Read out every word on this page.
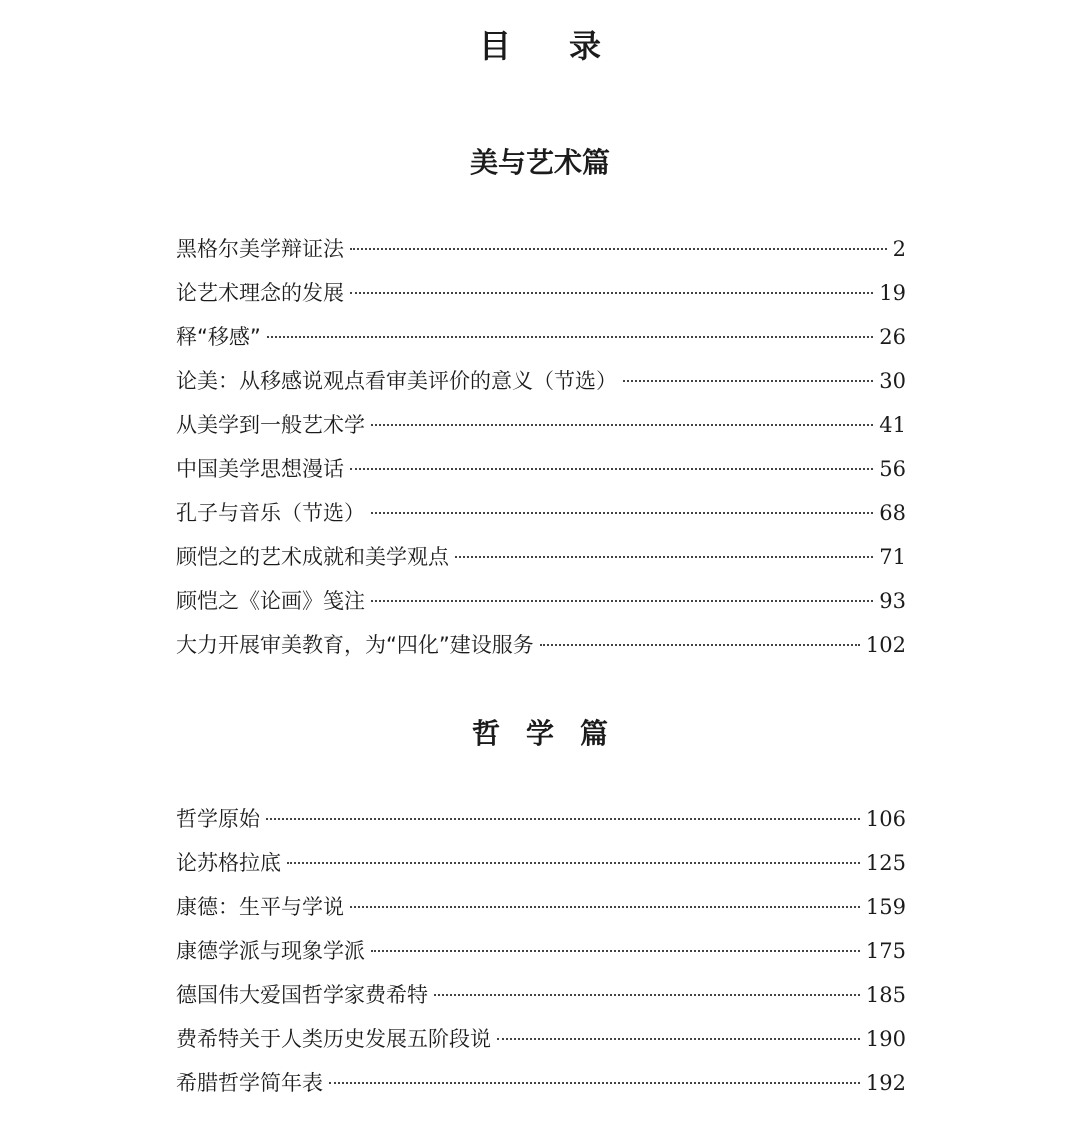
目录
美与艺术篇
黑格尔美学辩证法	2
论艺术理念的发展	19
释“移感”	26
论美：从移感说观点看审美评价的意义（节选）	30
从美学到一般艺术学	41
中国美学思想漫话	56
孔子与音乐（节选）	68
顾恺之的艺术成就和美学观点	71
顾恺之《论画》笺注	93
大力开展审美教育，为“四化”建设服务	102
哲学篇
哲学原始	106
论苏格拉底	125
康德：生平与学说	159
康德学派与现象学派	175
德国伟大爱国哲学家费希特	185
费希特关于人类历史发展五阶段说	190
希腊哲学简年表	192
